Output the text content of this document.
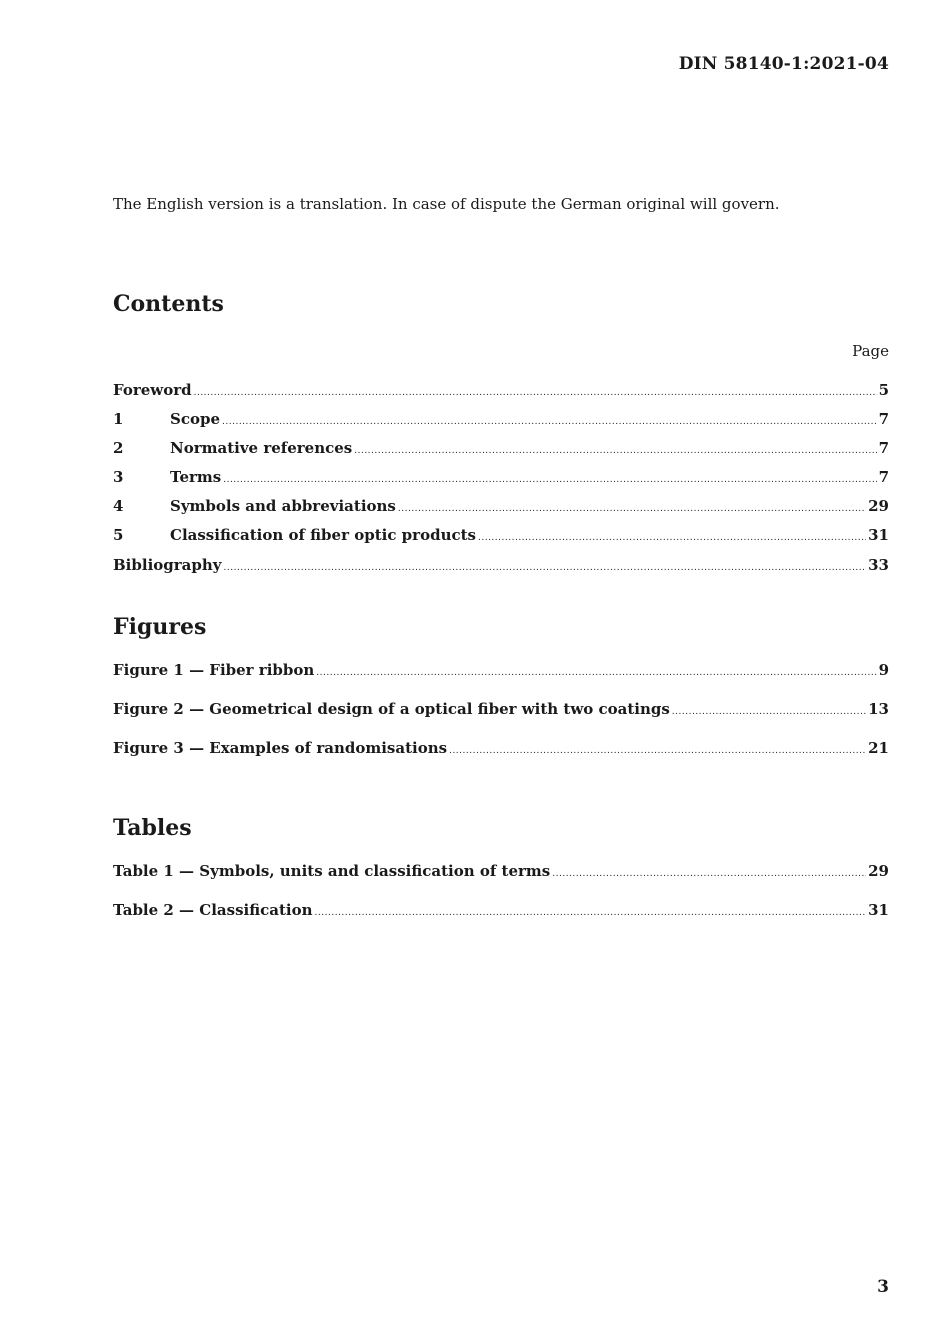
DIN 58140-1:2021-04
The English version is a translation. In case of dispute the German original will govern.
Contents
Page
Foreword .....	5
1	Scope .....	7
2	Normative references .....	7
3	Terms .....	7
4	Symbols and abbreviations .....	29
5	Classification of fiber optic products .....	31
Bibliography .....	33
Figures
Figure 1 — Fiber ribbon .....	9
Figure 2 — Geometrical design of a optical fiber with two coatings .....	13
Figure 3 — Examples of randomisations .....	21
Tables
Table 1 — Symbols, units and classification of terms .....	29
Table 2 — Classification .....	31
3
